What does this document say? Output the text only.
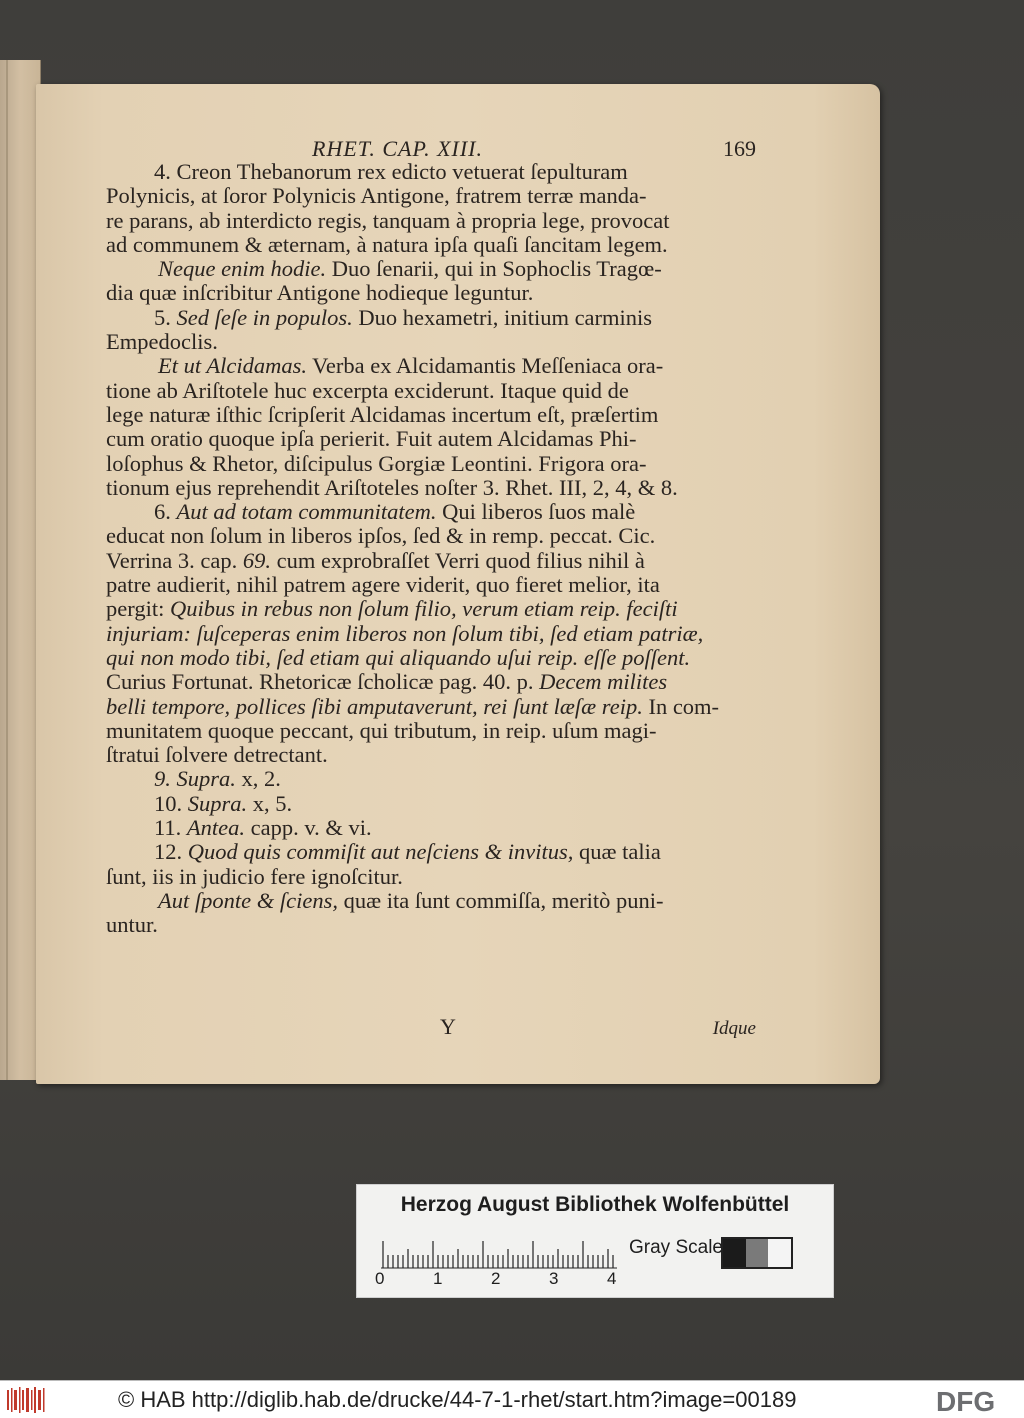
RHET. CAP. XIII.	169
4. Creon Thebanorum rex edicto vetuerat ſepulturam
Polynicis, at ſoror Polynicis Antigone, fratrem terræ manda-
re parans, ab interdicto regis, tanquam à propria lege, provocat
ad communem & æternam, à natura ipſa quaſi ſancitam legem.
Neque enim hodie. Duo ſenarii, qui in Sophoclis Tragœ-
dia quæ inſcribitur Antigone hodieque leguntur.
5. Sed ſeſe in populos. Duo hexametri, initium carminis
Empedoclis.
Et ut Alcidamas. Verba ex Alcidamantis Meſſeniaca ora-
tione ab Ariſtotele huc excerpta exciderunt. Itaque quid de
lege naturæ iſthic ſcripſerit Alcidamas incertum eſt, præſertim
cum oratio quoque ipſa perierit. Fuit autem Alcidamas Phi-
loſophus & Rhetor, diſcipulus Gorgiæ Leontini. Frigora ora-
tionum ejus reprehendit Ariſtoteles noſter 3. Rhet. III, 2, 4, & 8.
6. Aut ad totam communitatem. Qui liberos ſuos malè
educat non ſolum in liberos ipſos, ſed & in remp. peccat. Cic.
Verrina 3. cap. 69. cum exprobraſſet Verri quod filius nihil à
patre audierit, nihil patrem agere viderit, quo fieret melior, ita
pergit: Quibus in rebus non ſolum filio, verum etiam reip. feciſti
injuriam: ſuſceperas enim liberos non ſolum tibi, ſed etiam patriæ,
qui non modo tibi, ſed etiam qui aliquando uſui reip. eſſe poſſent.
Curius Fortunat. Rhetoricæ ſcholicæ pag. 40. p. Decem milites
belli tempore, pollices ſibi amputaverunt, rei ſunt læſæ reip. In com-
munitatem quoque peccant, qui tributum, in reip. uſum magi-
ſtratui ſolvere detrectant.
9. Supra. x, 2.
10. Supra. x, 5.
11. Antea. capp. v. & vi.
12. Quod quis commiſit aut neſciens & invitus, quæ talia
ſunt, iis in judicio fere ignoſcitur.
Aut ſponte & ſciens, quæ ita ſunt commiſſa, meritò puni-
untur.
Y	Idque
Herzog August Bibliothek Wolfenbüttel
0	1	2	3	4
Gray Scale
© HAB http://diglib.hab.de/drucke/44-7-1-rhet/start.htm?image=00189	DFG
